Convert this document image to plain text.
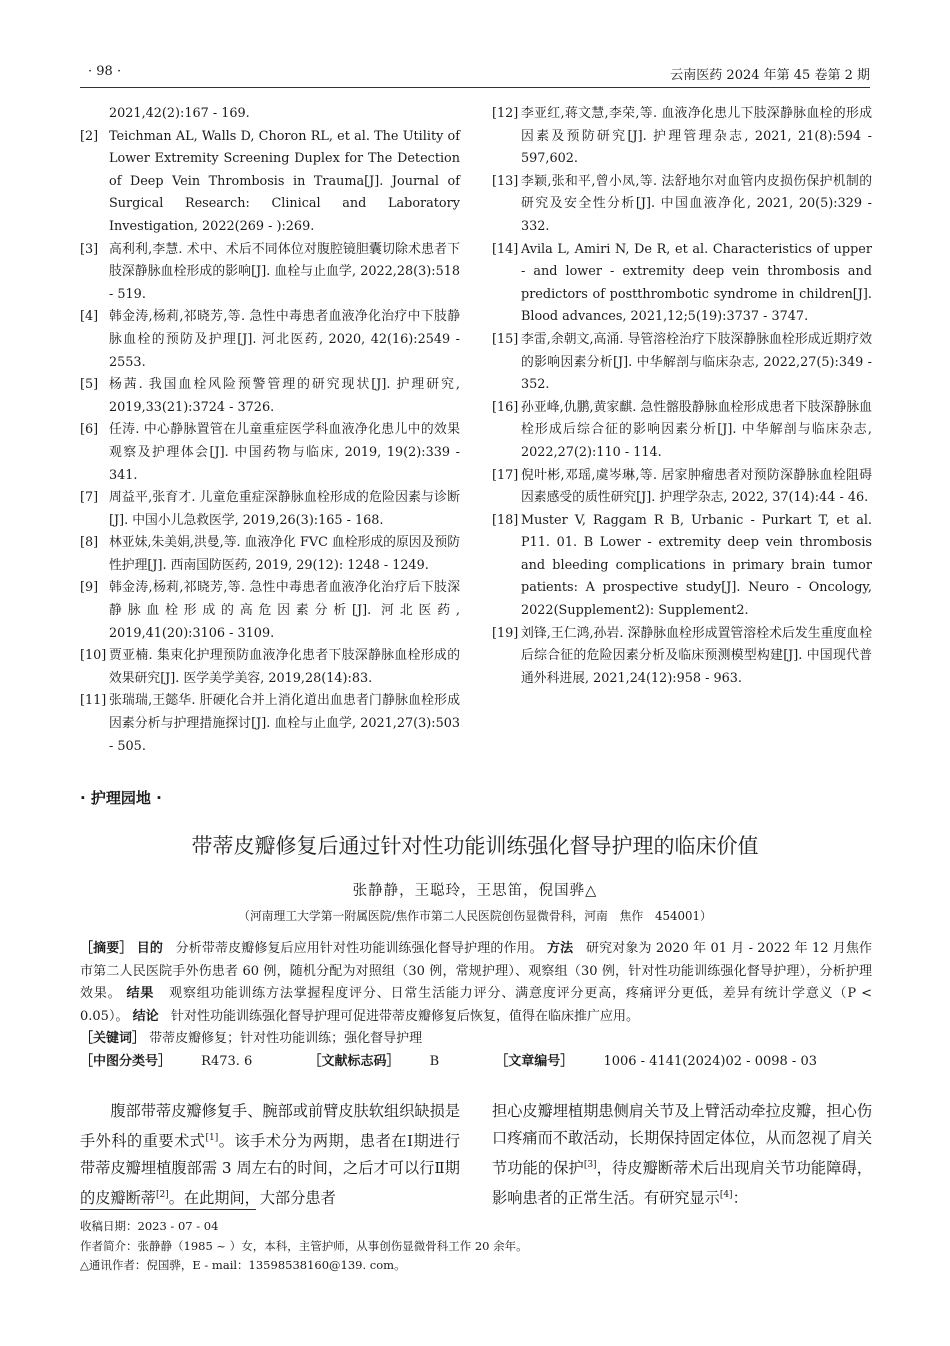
· 98 ·	云南医药 2024 年第 45 卷第 2 期

2021,42(2):167 - 169.

[2] Teichman AL, Walls D, Choron RL, et al. The Utility of Lower Extremity Screening Duplex for The Detection of Deep Vein Thrombosis in Trauma[J]. Journal of Surgical Research: Clinical and Laboratory Investigation, 2022(269 - ):269.

[3] 高利利,李慧. 术中、术后不同体位对腹腔镜胆囊切除术患者下肢深静脉血栓形成的影响[J]. 血栓与止血学, 2022,28(3):518 - 519.

[4] 韩金涛,杨莉,祁晓芳,等. 急性中毒患者血液净化治疗中下肢静脉血栓的预防及护理[J]. 河北医药, 2020, 42(16):2549 - 2553.

[5] 杨茜. 我国血栓风险预警管理的研究现状[J]. 护理研究, 2019,33(21):3724 - 3726.

[6] 任涛. 中心静脉置管在儿童重症医学科血液净化患儿中的效果观察及护理体会[J]. 中国药物与临床, 2019, 19(2):339 - 341.

[7] 周益平,张育才. 儿童危重症深静脉血栓形成的危险因素与诊断[J]. 中国小儿急救医学, 2019,26(3):165 - 168.

[8] 林亚妹,朱美娟,洪曼,等. 血液净化 FVC 血栓形成的原因及预防性护理[J]. 西南国防医药, 2019, 29(12): 1248 - 1249.

[9] 韩金涛,杨莉,祁晓芳,等. 急性中毒患者血液净化治疗后下肢深静脉血栓形成的高危因素分析[J]. 河北医药, 2019,41(20):3106 - 3109.

[10] 贾亚楠. 集束化护理预防血液净化患者下肢深静脉血栓形成的效果研究[J]. 医学美学美容, 2019,28(14):83.

[11] 张瑞瑞,王懿华. 肝硬化合并上消化道出血患者门静脉血栓形成因素分析与护理措施探讨[J]. 血栓与止血学, 2021,27(3):503 - 505.

[12] 李亚红,蒋文慧,李荣,等. 血液净化患儿下肢深静脉血栓的形成因素及预防研究[J]. 护理管理杂志, 2021, 21(8):594 - 597,602.

[13] 李颖,张和平,曾小凤,等. 法舒地尔对血管内皮损伤保护机制的研究及安全性分析[J]. 中国血液净化, 2021, 20(5):329 - 332.

[14] Avila L, Amiri N, De R, et al. Characteristics of upper - and lower - extremity deep vein thrombosis and predictors of postthrombotic syndrome in children[J]. Blood advances, 2021,12;5(19):3737 - 3747.

[15] 李雷,余朝文,高涌. 导管溶栓治疗下肢深静脉血栓形成近期疗效的影响因素分析[J]. 中华解剖与临床杂志, 2022,27(5):349 - 352.

[16] 孙亚峰,仇鹏,黄家麒. 急性髂股静脉血栓形成患者下肢深静脉血栓形成后综合征的影响因素分析[J]. 中华解剖与临床杂志, 2022,27(2):110 - 114.

[17] 倪叶彬,邓瑶,虞岑琳,等. 居家肿瘤患者对预防深静脉血栓阻碍因素感受的质性研究[J]. 护理学杂志, 2022, 37(14):44 - 46.

[18] Muster V, Raggam R B, Urbanic - Purkart T, et al. P11. 01. B Lower - extremity deep vein thrombosis and bleeding complications in primary brain tumor patients: A prospective study[J]. Neuro - Oncology, 2022(Supplement2): Supplement2.

[19] 刘锋,王仁鸿,孙岩. 深静脉血栓形成置管溶栓术后发生重度血栓后综合征的危险因素分析及临床预测模型构建[J]. 中国现代普通外科进展, 2021,24(12):958 - 963.

· 护理园地 ·
带蒂皮瓣修复后通过针对性功能训练强化督导护理的临床价值
张静静，王聪玲，王思笛，倪国骅△
（河南理工大学第一附属医院/焦作市第二人民医院创伤显微骨科，河南　焦作　454001）
［摘要］ 目的 分析带蒂皮瓣修复后应用针对性功能训练强化督导护理的作用。 方法 研究对象为 2020 年 01 月 - 2022 年 12 月焦作市第二人民医院手外伤患者 60 例，随机分配为对照组（30 例，常规护理）、观察组（30 例，针对性功能训练强化督导护理），分析护理效果。 结果 观察组功能训练方法掌握程度评分、日常生活能力评分、满意度评分更高，疼痛评分更低，差异有统计学意义（P < 0.05）。 结论 针对性功能训练强化督导护理可促进带蒂皮瓣修复后恢复，值得在临床推广应用。
［关键词］ 带蒂皮瓣修复；针对性功能训练；强化督导护理
［中图分类号］ R473. 6	［文献标志码］ B	［文章编号］ 1006 - 4141(2024)02 - 0098 - 03

  腹部带蒂皮瓣修复手、腕部或前臂皮肤软组织缺损是手外科的重要术式[1]。该手术分为两期，患者在Ⅰ期进行带蒂皮瓣埋植腹部需 3 周左右的时间，之后才可以行Ⅱ期的皮瓣断蒂[2]。在此期间，大部分患者

担心皮瓣埋植期患侧肩关节及上臂活动牵拉皮瓣，担心伤口疼痛而不敢活动，长期保持固定体位，从而忽视了肩关节功能的保护[3]，待皮瓣断蒂术后出现肩关节功能障碍，影响患者的正常生活。有研究显示[4]：

收稿日期：2023 - 07 - 04
作者简介：张静静（1985 ~ ）女，本科，主管护师，从事创伤显微骨科工作 20 余年。
△通讯作者：倪国骅，E - mail：13598538160@139. com。
